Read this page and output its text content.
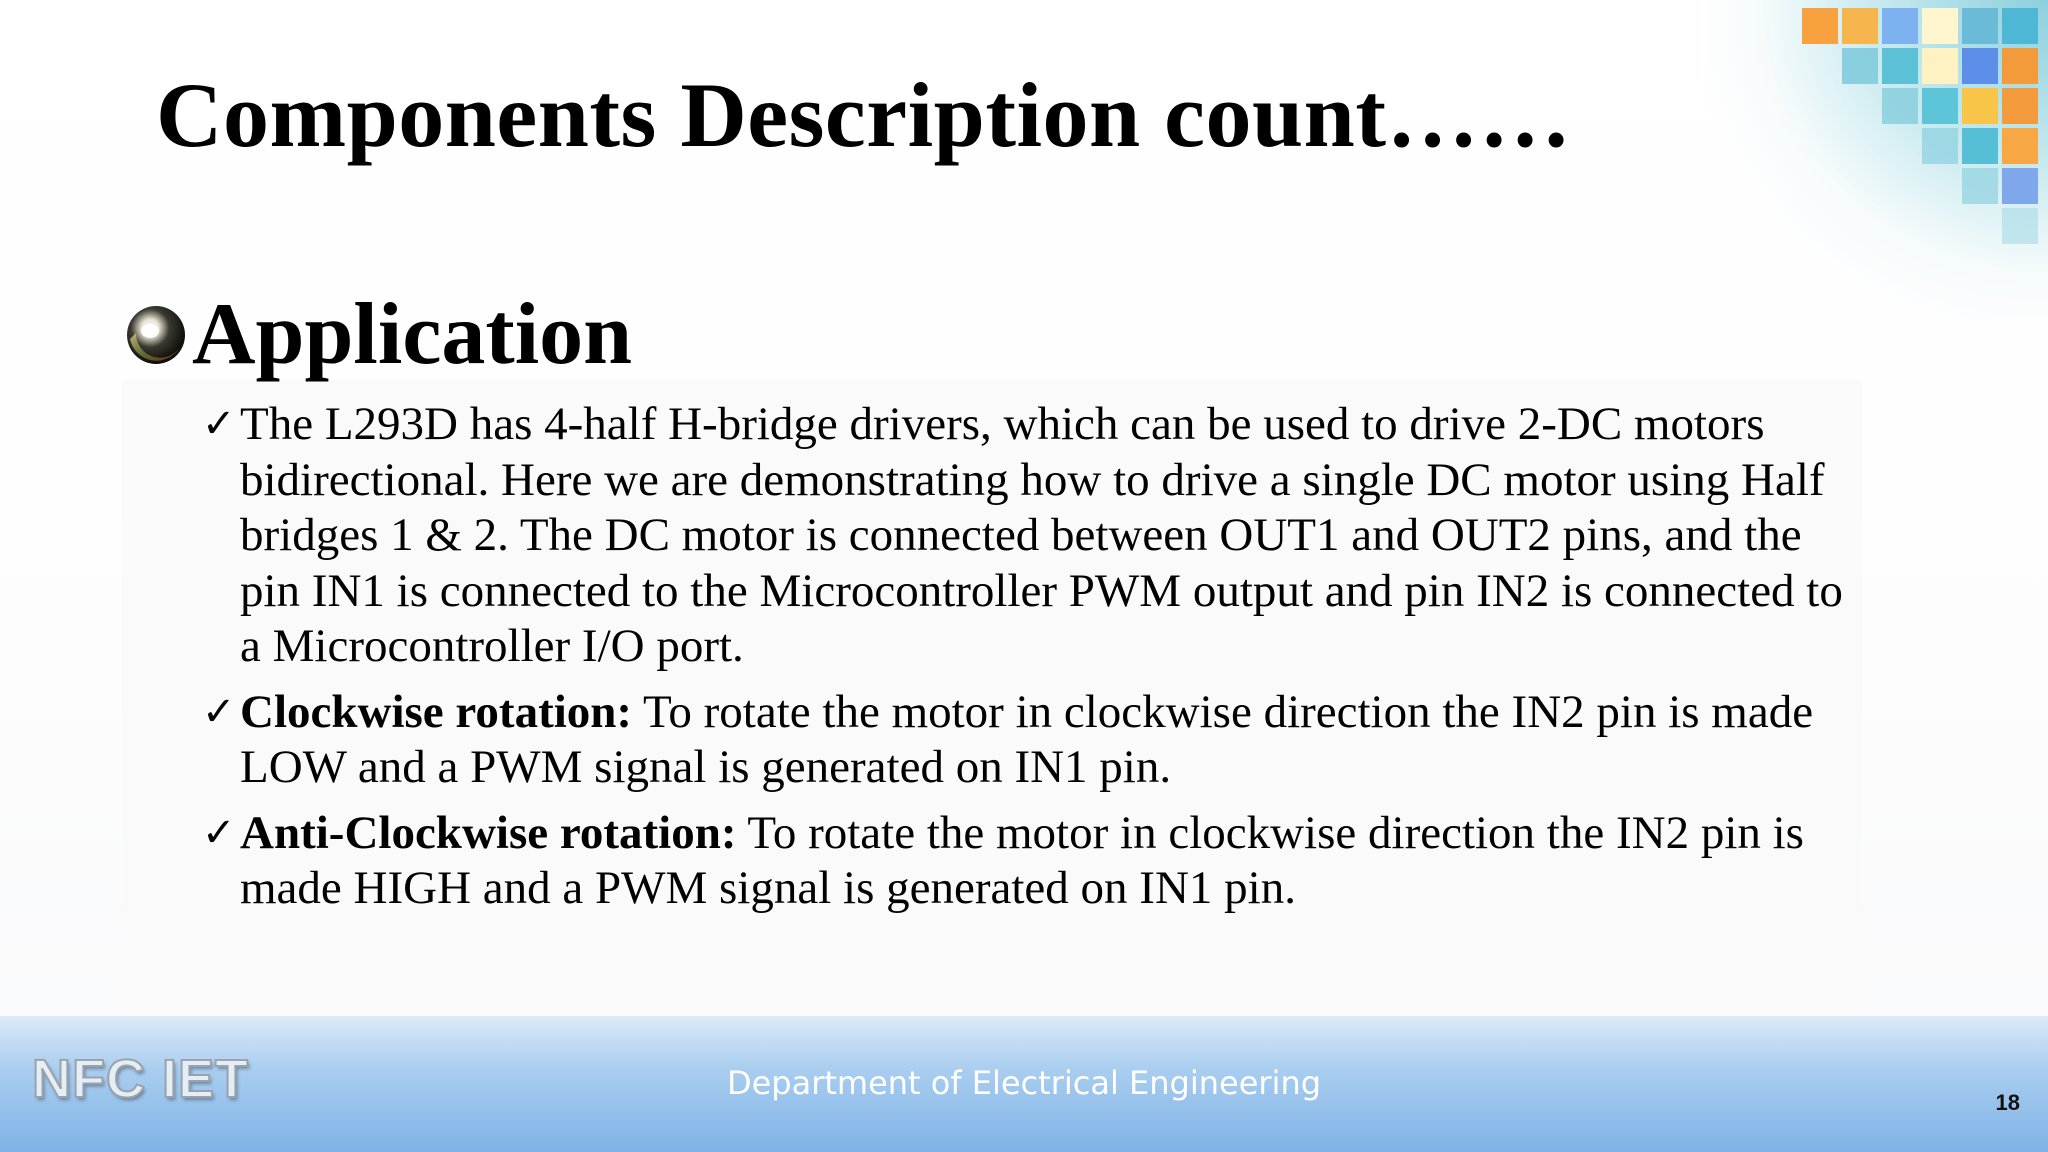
Components Description count……
Application
✓ The L293D has 4-half H-bridge drivers, which can be used to drive 2-DC motors bidirectional. Here we are demonstrating how to drive a single DC motor using Half bridges 1 & 2. The DC motor is connected between OUT1 and OUT2 pins, and the pin IN1 is connected to the Microcontroller PWM output and pin IN2 is connected to a Microcontroller I/O port.
✓ Clockwise rotation: To rotate the motor in clockwise direction the IN2 pin is made LOW and a PWM signal is generated on IN1 pin.
✓ Anti-Clockwise rotation: To rotate the motor in clockwise direction the IN2 pin is made HIGH and a PWM signal is generated on IN1 pin.
NFC IET	Department of Electrical Engineering
18
